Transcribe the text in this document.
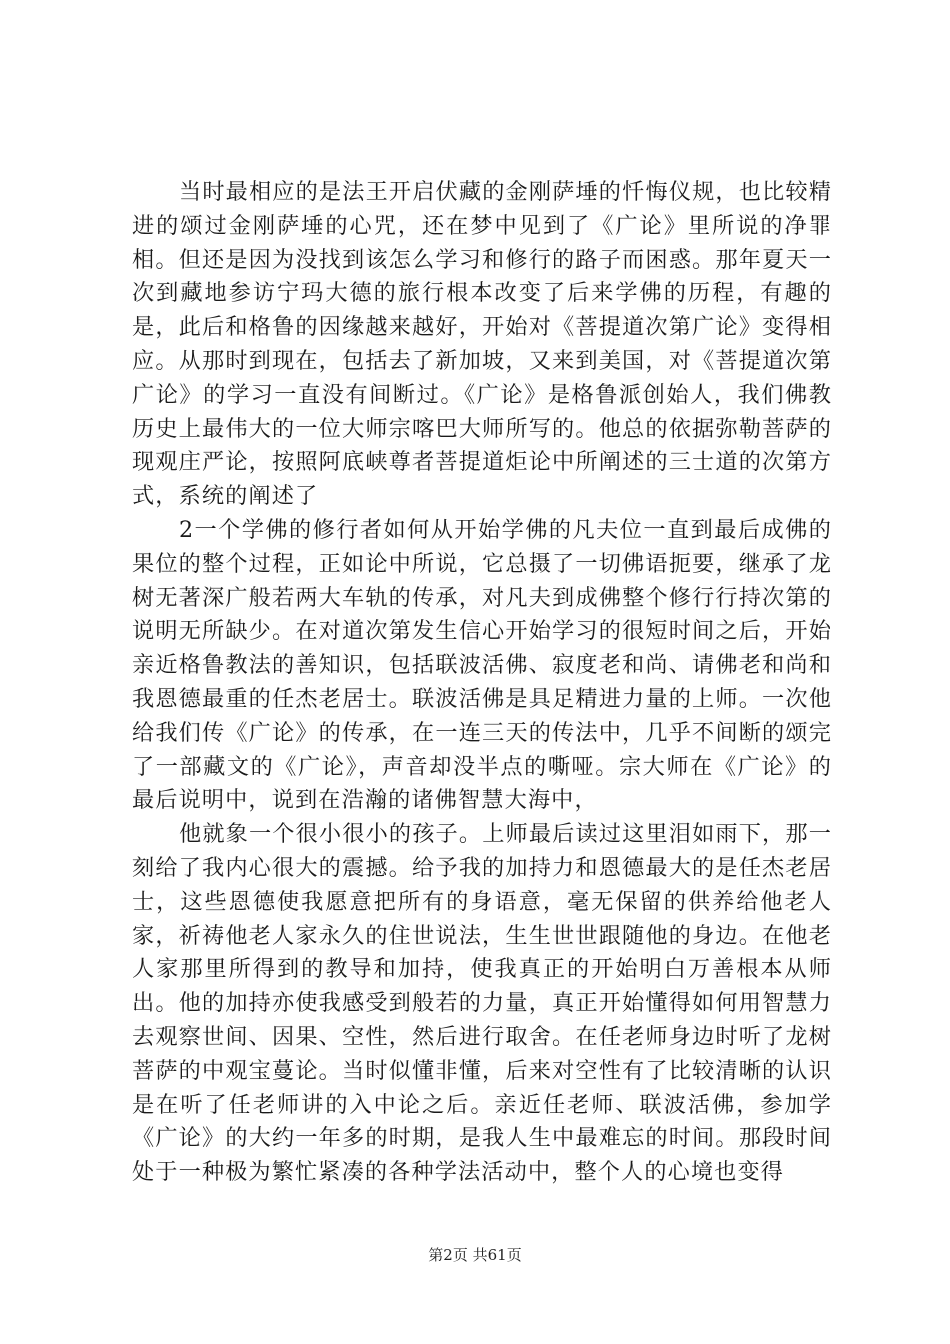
当时最相应的是法王开启伏藏的金刚萨埵的忏悔仪规，也比较精进的颂过金刚萨埵的心咒，还在梦中见到了《广论》里所说的净罪相。但还是因为没找到该怎么学习和修行的路子而困惑。那年夏天一次到藏地参访宁玛大德的旅行根本改变了后来学佛的历程，有趣的是，此后和格鲁的因缘越来越好，开始对《菩提道次第广论》变得相应。从那时到现在，包括去了新加坡，又来到美国，对《菩提道次第广论》的学习一直没有间断过。《广论》是格鲁派创始人，我们佛教历史上最伟大的一位大师宗喀巴大师所写的。他总的依据弥勒菩萨的现观庄严论，按照阿底峡尊者菩提道炬论中所阐述的三士道的次第方式，系统的阐述了

2一个学佛的修行者如何从开始学佛的凡夫位一直到最后成佛的果位的整个过程，正如论中所说，它总摄了一切佛语扼要，继承了龙树无著深广般若两大车轨的传承，对凡夫到成佛整个修行行持次第的说明无所缺少。在对道次第发生信心开始学习的很短时间之后，开始亲近格鲁教法的善知识，包括联波活佛、寂度老和尚、请佛老和尚和我恩德最重的任杰老居士。联波活佛是具足精进力量的上师。一次他给我们传《广论》的传承，在一连三天的传法中，几乎不间断的颂完了一部藏文的《广论》，声音却没半点的嘶哑。宗大师在《广论》的最后说明中，说到在浩瀚的诸佛智慧大海中，

他就象一个很小很小的孩子。上师最后读过这里泪如雨下，那一刻给了我内心很大的震撼。给予我的加持力和恩德最大的是任杰老居士，这些恩德使我愿意把所有的身语意，毫无保留的供养给他老人家，祈祷他老人家永久的住世说法，生生世世跟随他的身边。在他老人家那里所得到的教导和加持，使我真正的开始明白万善根本从师出。他的加持亦使我感受到般若的力量，真正开始懂得如何用智慧力去观察世间、因果、空性，然后进行取舍。在任老师身边时听了龙树菩萨的中观宝蔓论。当时似懂非懂，后来对空性有了比较清晰的认识是在听了任老师讲的入中论之后。亲近任老师、联波活佛，参加学《广论》的大约一年多的时期，是我人生中最难忘的时间。那段时间处于一种极为繁忙紧凑的各种学法活动中，整个人的心境也变得

第2页 共61页
